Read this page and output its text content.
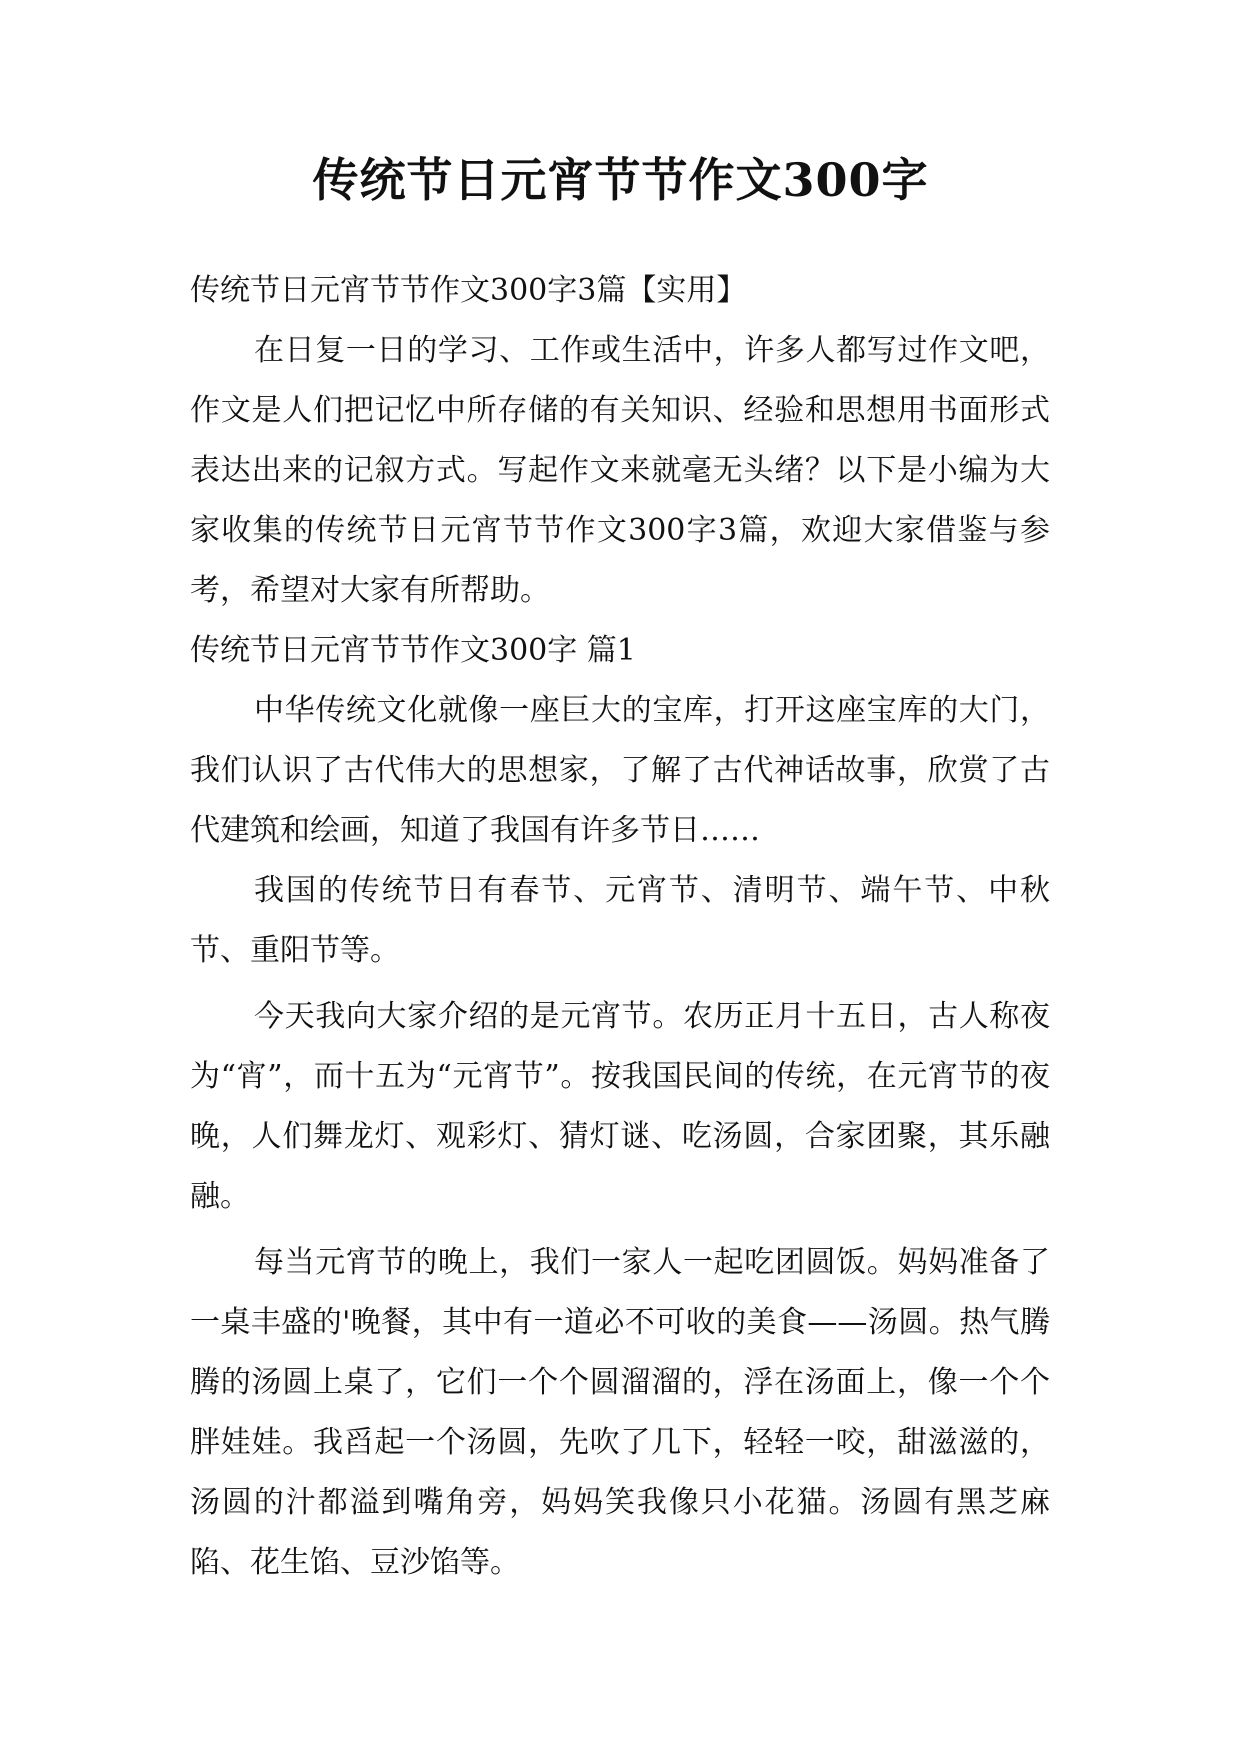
传统节日元宵节节作文300字

传统节日元宵节节作文300字3篇【实用】

在日复一日的学习、工作或生活中，许多人都写过作文吧，作文是人们把记忆中所存储的有关知识、经验和思想用书面形式表达出来的记叙方式。写起作文来就毫无头绪？以下是小编为大家收集的传统节日元宵节节作文300字3篇，欢迎大家借鉴与参考，希望对大家有所帮助。

传统节日元宵节节作文300字 篇1

中华传统文化就像一座巨大的宝库，打开这座宝库的大门，我们认识了古代伟大的思想家，了解了古代神话故事，欣赏了古代建筑和绘画，知道了我国有许多节日……

我国的传统节日有春节、元宵节、清明节、端午节、中秋节、重阳节等。

今天我向大家介绍的是元宵节。农历正月十五日，古人称夜为“宵”，而十五为“元宵节”。按我国民间的传统，在元宵节的夜晚，人们舞龙灯、观彩灯、猜灯谜、吃汤圆，合家团聚，其乐融融。

每当元宵节的晚上，我们一家人一起吃团圆饭。妈妈准备了一桌丰盛的'晚餐，其中有一道必不可收的美食——汤圆。热气腾腾的汤圆上桌了，它们一个个圆溜溜的，浮在汤面上，像一个个胖娃娃。我舀起一个汤圆，先吹了几下，轻轻一咬，甜滋滋的，汤圆的汁都溢到嘴角旁，妈妈笑我像只小花猫。汤圆有黑芝麻陷、花生馅、豆沙馅等。
